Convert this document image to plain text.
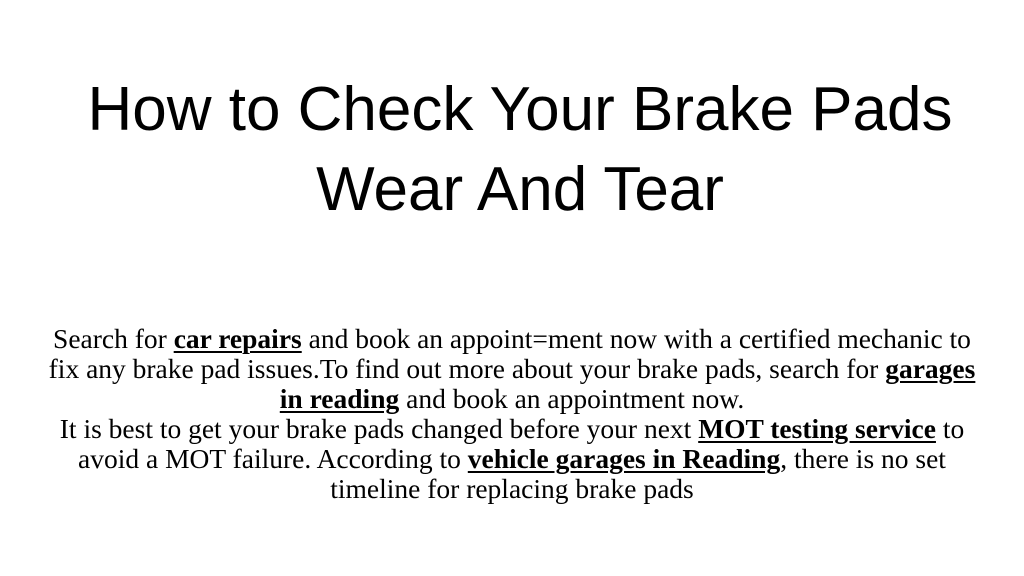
How to Check Your Brake Pads
Wear And Tear

Search for car repairs and book an appoint=ment now with a certified mechanic to fix any brake pad issues.To find out more about your brake pads, search for garages in reading and book an appointment now.

It is best to get your brake pads changed before your next MOT testing service to avoid a MOT failure. According to vehicle garages in Reading, there is no set timeline for replacing brake pads
